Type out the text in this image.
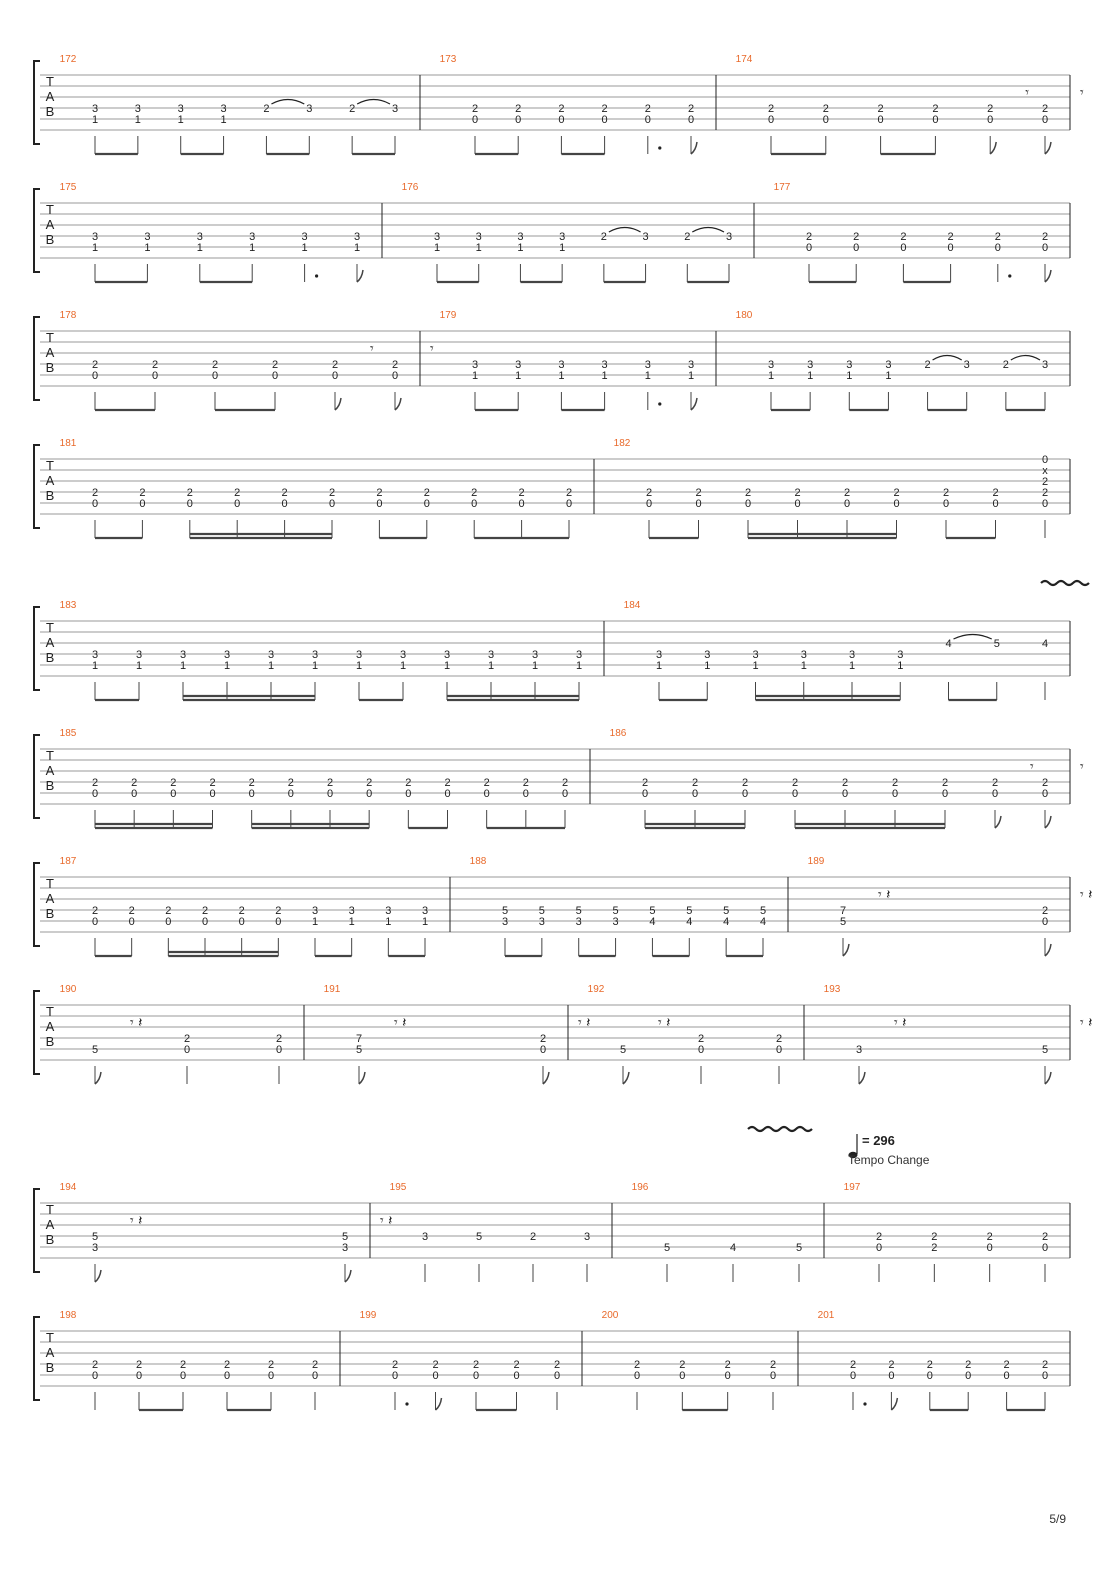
T
A
B
172
3
1
3
1
3
1
3
1
2	3	2	3
173
2
0
2
0
2
0
2
0
2
0
2
0
174
2
0
2
0
2
0
2
0
2
0
𝄾
2
0
𝄾
T
A
B
175
3
1
3
1
3
1
3
1
3
1
3
1
176
3
1
3
1
3
1
3
1
2	3	2	3
177
2
0
2
0
2
0
2
0
2
0
2
0
T
A
B
178
2
0
2
0
2
0
2
0
2
0
𝄾
2
0
𝄾
179
3
1
3
1
3
1
3
1
3
1
3
1
180
3
1
3
1
3
1
3
1
2	3	2	3
T
A
B
181
2
0
2
0
2
0
2
0
2
0
2
0
2
0
2
0
2
0
2
0
2
0
182
2
0
2
0
2
0
2
0
2
0
2
0
2
0
2
0
0
x
2
2
0
T
A
B
183
3
1
3
1
3
1
3
1
3
1
3
1
3
1
3
1
3
1
3
1
3
1
3
1
184
3
1
3
1
3
1
3
1
3
1
3
1
4	5	4
T
A
B
185
2
0
2
0
2
0
2
0
2
0
2
0
2
0
2
0
2
0
2
0
2
0
2
0
2
0
186
2
0
2
0
2
0
2
0
2
0
2
0
2
0
2
0
𝄾
2
0
𝄾
T
A
B
187
2
0
2
0
2
0
2
0
2
0
2
0
3
1
3
1
3
1
3
1
188
5
3
5
3
5
3
5
3
5
4
5
4
5
4
5
4
189
7
5
𝄾 𝄽
2
0
𝄾 𝄽
T
A
B
190
5
𝄾 𝄽
2
0
2
0
191
7
5
𝄾 𝄽
2
0
𝄾 𝄽
192
5
𝄾 𝄽
2
0
2
0
193
3
𝄾 𝄽
5
𝄾 𝄽
T
A
B
194
5
3
𝄾 𝄽
5
3
𝄾 𝄽
195
3	5	2	3
196
5	4	5
197
2
0
2
2
2
0
2
0
T
A
B
198
2
0
2
0
2
0
2
0
2
0
2
0
199
2
0
2
0
2
0
2
0
2
0
200
2
0
2
0
2
0
2
0
201
2
0
2
0
2
0
2
0
2
0
2
0
= 296
Tempo Change
5/9
